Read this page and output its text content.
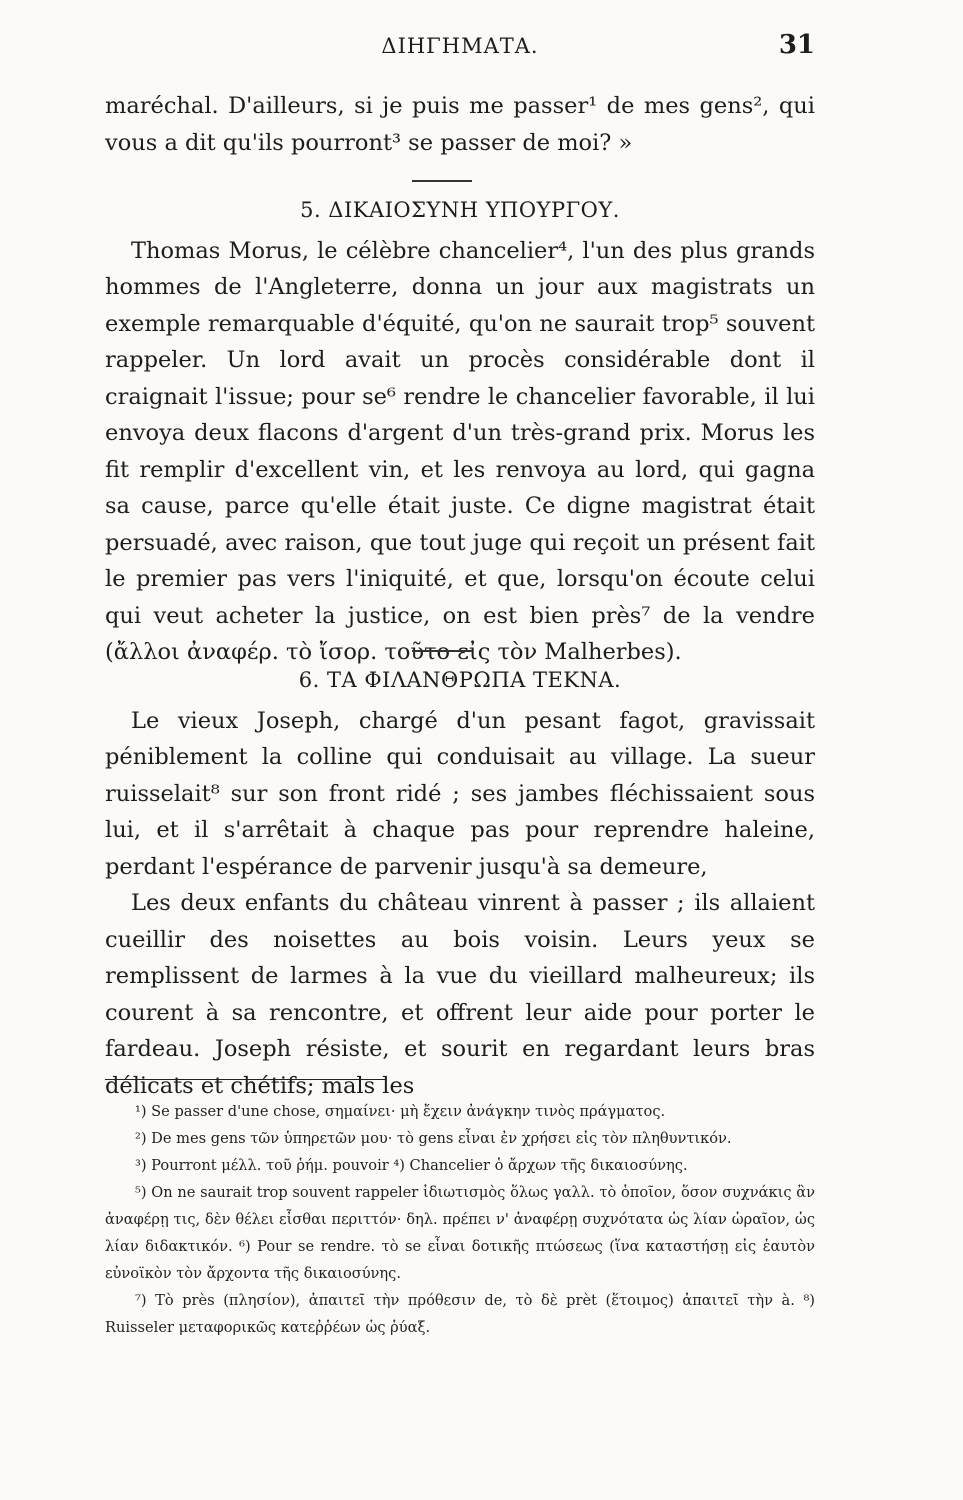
ΔΙΗΓΗΜΑΤΑ.	31

maréchal. D'ailleurs, si je puis me passer¹ de mes gens², qui vous a dit qu'ils pourront³ se passer de moi? »

5. ΔΙΚΑΙΟΣΥΝΗ ΥΠΟΥΡΓΟΥ.

Thomas Morus, le célèbre chancelier⁴, l'un des plus grands hommes de l'Angleterre, donna un jour aux magistrats un exemple remarquable d'équité, qu'on ne saurait trop⁵ souvent rappeler. Un lord avait un procès considérable dont il craignait l'issue; pour se⁶ rendre le chancelier favorable, il lui envoya deux flacons d'argent d'un très-grand prix. Morus les fit remplir d'excellent vin, et les renvoya au lord, qui gagna sa cause, parce qu'elle était juste. Ce digne magistrat était persuadé, avec raison, que tout juge qui reçoit un présent fait le premier pas vers l'iniquité, et que, lorsqu'on écoute celui qui veut acheter la justice, on est bien près⁷ de la vendre (ἄλλοι ἀναφέρ. τὸ ἴσορ. τοῦτο εἰς τὸν Malherbes).

6. ΤΑ ΦΙΛΑΝΘΡΩΠΑ ΤΕΚΝΑ.

Le vieux Joseph, chargé d'un pesant fagot, gravissait péniblement la colline qui conduisait au village. La sueur ruisselait⁸ sur son front ridé ; ses jambes fléchissaient sous lui, et il s'arrêtait à chaque pas pour reprendre haleine, perdant l'espérance de parvenir jusqu'à sa demeure,

Les deux enfants du château vinrent à passer ; ils allaient cueillir des noisettes au bois voisin. Leurs yeux se remplissent de larmes à la vue du vieillard malheureux; ils courent à sa rencontre, et offrent leur aide pour porter le fardeau. Joseph résiste, et sourit en regardant leurs bras délicats et chétifs; mals les

¹) Se passer d'une chose, σημαίνει· μὴ ἔχειν ἀνάγκην τινὸς πράγματος.

²) De mes gens τῶν ὑπηρετῶν μου· τὸ gens εἶναι ἐν χρήσει εἰς τὸν πληθυντικόν.

³) Pourront μέλλ. τοῦ ῥήμ. pouvoir ⁴) Chancelier ὁ ἄρχων τῆς δικαιοσύνης.

⁵) On ne saurait trop souvent rappeler ἰδιωτισμὸς ὅλως γαλλ. τὸ ὁποῖον, ὅσον συχνάκις ἂν ἀναφέρῃ τις, δὲν θέλει εἶσθαι περιττόν· δηλ. πρέπει ν' ἀναφέρῃ συχνότατα ὡς λίαν ὡραῖον, ὡς λίαν διδακτικόν. ⁶) Pour se rendre. τὸ se εἶναι δοτικῆς πτώσεως (ἵνα καταστήσῃ εἰς ἑαυτὸν εὐνοϊκὸν τὸν ἄρχοντα τῆς δικαιοσύνης.

⁷) Τὸ près (πλησίον), ἀπαιτεῖ τὴν πρόθεσιν de, τὸ δὲ prèt (ἕτοιμος) ἀπαιτεῖ τὴν à. ⁸) Ruisseler μεταφορικῶς κατεῤῥέων ὡς ῥύαξ.
